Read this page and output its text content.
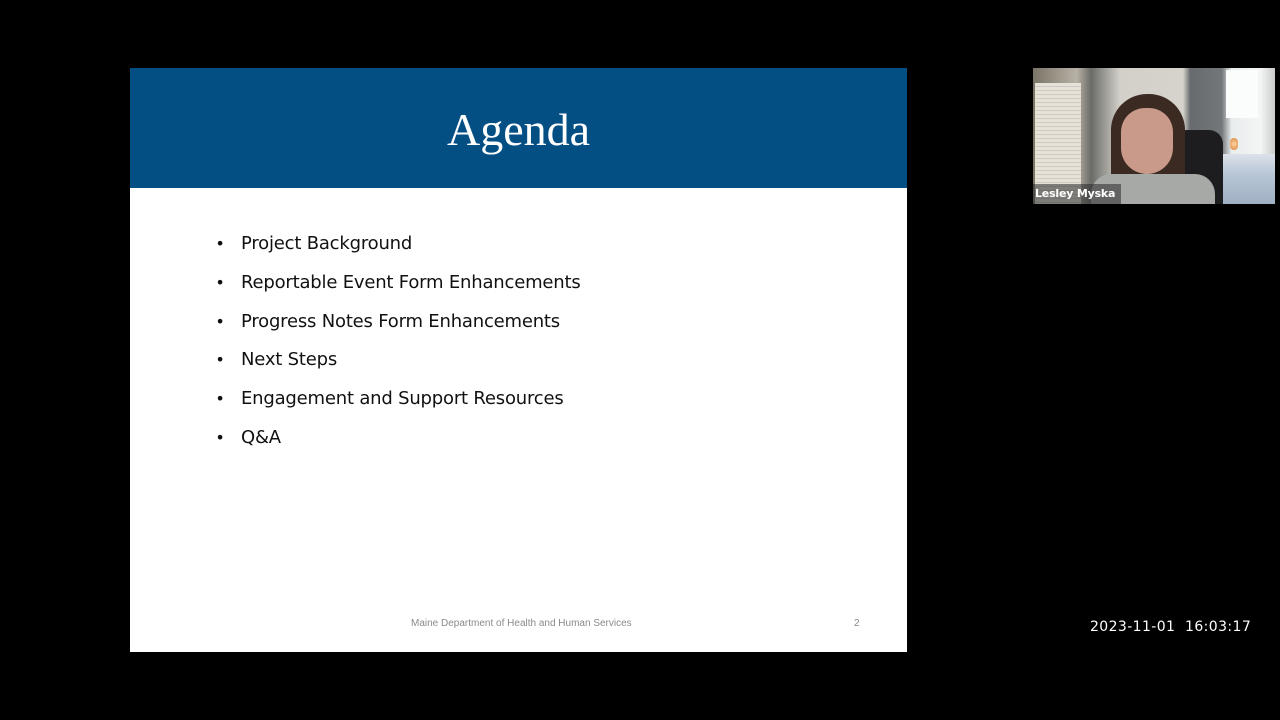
Agenda
• Project Background
• Reportable Event Form Enhancements
• Progress Notes Form Enhancements
• Next Steps
• Engagement and Support Resources
• Q&A
Maine Department of Health and Human Services	2
Lesley Myska
2023-11-01  16:03:17
